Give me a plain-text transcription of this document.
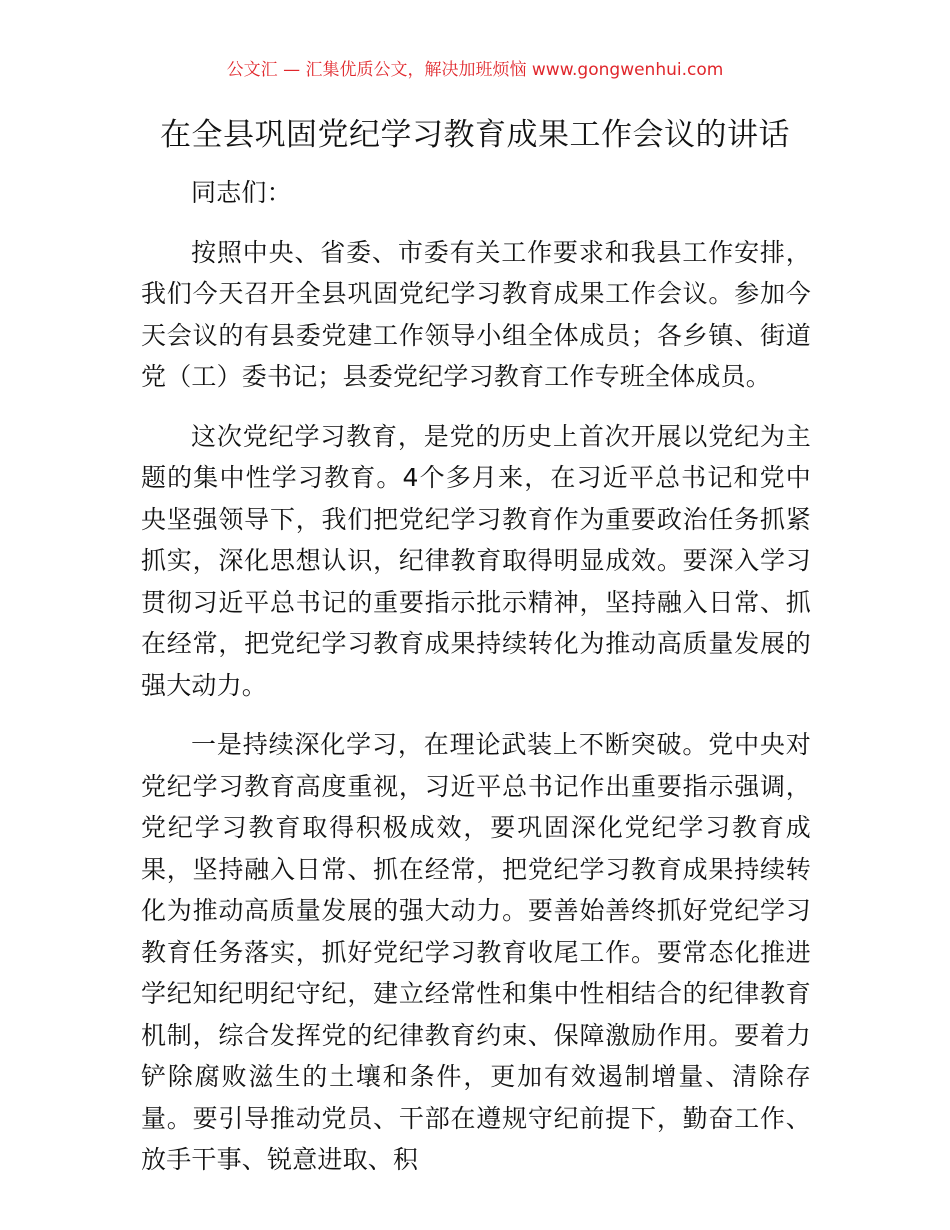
公文汇 — 汇集优质公文，解决加班烦恼 www.gongwenhui.com
在全县巩固党纪学习教育成果工作会议的讲话

同志们：

按照中央、省委、市委有关工作要求和我县工作安排，我们今天召开全县巩固党纪学习教育成果工作会议。参加今天会议的有县委党建工作领导小组全体成员；各乡镇、街道党（工）委书记；县委党纪学习教育工作专班全体成员。

这次党纪学习教育，是党的历史上首次开展以党纪为主题的集中性学习教育。4个多月来，在习近平总书记和党中央坚强领导下，我们把党纪学习教育作为重要政治任务抓紧抓实，深化思想认识，纪律教育取得明显成效。要深入学习贯彻习近平总书记的重要指示批示精神，坚持融入日常、抓在经常，把党纪学习教育成果持续转化为推动高质量发展的强大动力。

一是持续深化学习，在理论武装上不断突破。党中央对党纪学习教育高度重视，习近平总书记作出重要指示强调，党纪学习教育取得积极成效，要巩固深化党纪学习教育成果，坚持融入日常、抓在经常，把党纪学习教育成果持续转化为推动高质量发展的强大动力。要善始善终抓好党纪学习教育任务落实，抓好党纪学习教育收尾工作。要常态化推进学纪知纪明纪守纪，建立经常性和集中性相结合的纪律教育机制，综合发挥党的纪律教育约束、保障激励作用。要着力铲除腐败滋生的土壤和条件，更加有效遏制增量、清除存量。要引导推动党员、干部在遵规守纪前提下，勤奋工作、放手干事、锐意进取、积
